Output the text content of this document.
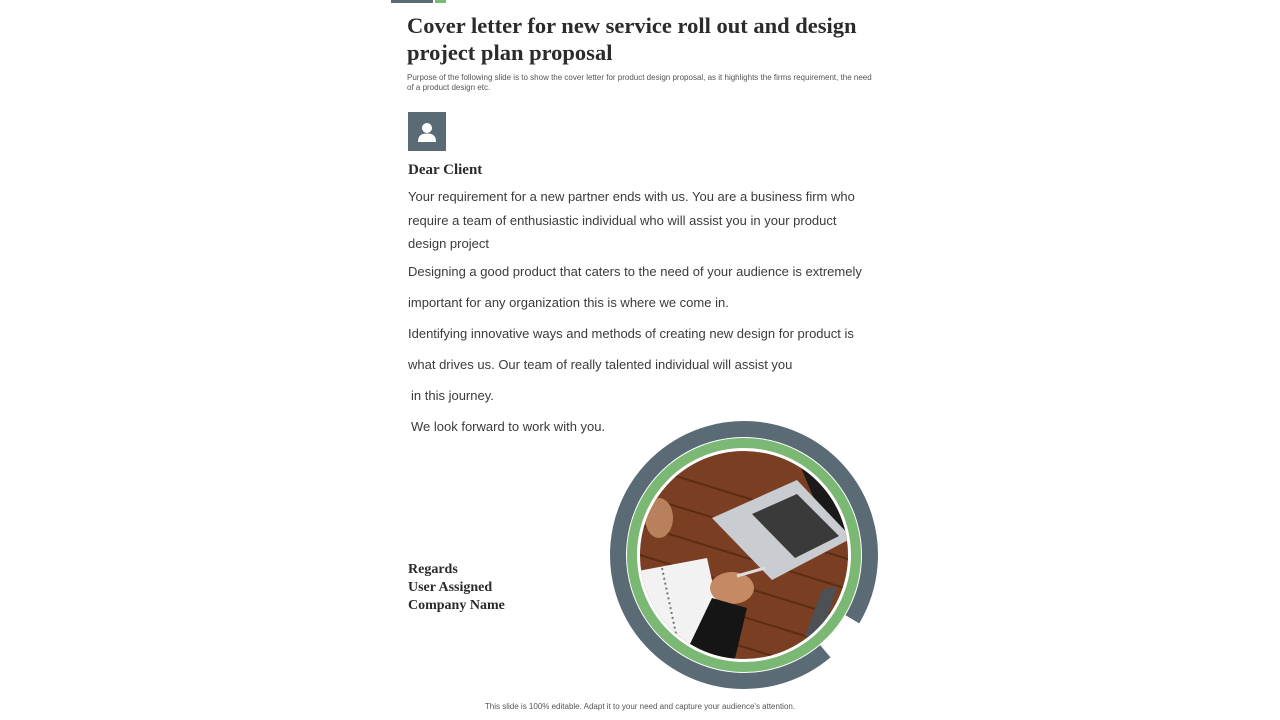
Cover letter for new service roll out and design project plan proposal
Purpose of the following slide is to show the cover letter for product design proposal, as it highlights the firms requirement, the need of a product design etc.
Dear Client
Your requirement for a new partner ends with us. You are a business firm who require a team of enthusiastic individual who will assist you in your product design project
Designing a good product that caters to the need of your audience is extremely
important for any organization this is where we come in.
Identifying innovative ways and methods of creating new design for product is
what drives us. Our team of really talented individual will assist you
in this journey.
We look forward to work with you.
Regards
User Assigned
Company Name
This slide is 100% editable. Adapt it to your need and capture your audience's attention.
